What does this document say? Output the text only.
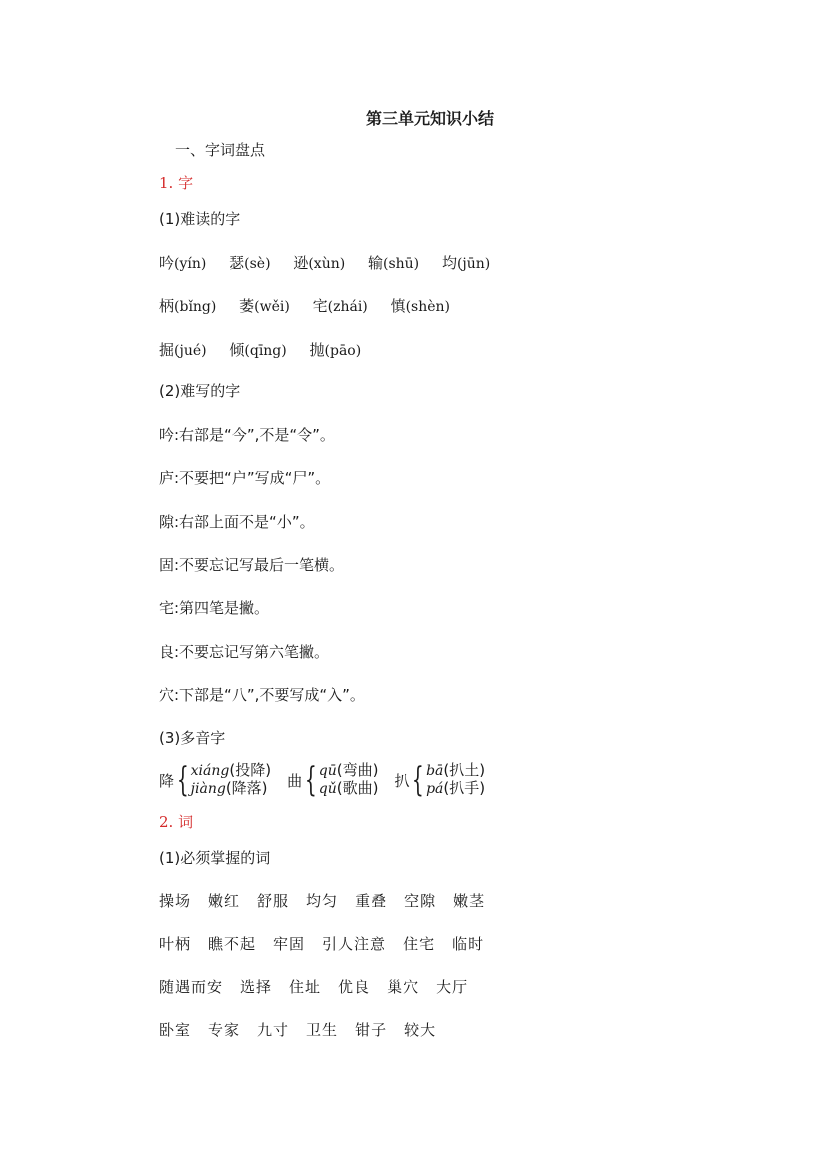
第三单元知识小结
一、字词盘点
1. 字
(1)难读的字
吟(yín) 瑟(sè) 逊(xùn) 输(shū) 均(jūn)
柄(bǐng) 萎(wěi) 宅(zhái) 慎(shèn)
掘(jué) 倾(qīng) 抛(pāo)
(2)难写的字
吟:右部是“今”,不是“令”。
庐:不要把“户”写成“尸”。
隙:右部上面不是“小”。
固:不要忘记写最后一笔横。
宅:第四笔是撇。
良:不要忘记写第六笔撇。
穴:下部是“八”,不要写成“入”。
(3)多音字
降 { xiáng(投降)
jiàng(降落) 曲 { qū(弯曲)
qǔ(歌曲) 扒 { bā(扒土)
pá(扒手)
2. 词
(1)必须掌握的词
操场 嫩红 舒服 均匀 重叠 空隙 嫩茎
叶柄 瞧不起 牢固 引人注意 住宅 临时
随遇而安 选择 住址 优良 巢穴 大厅
卧室 专家 九寸 卫生 钳子 较大
